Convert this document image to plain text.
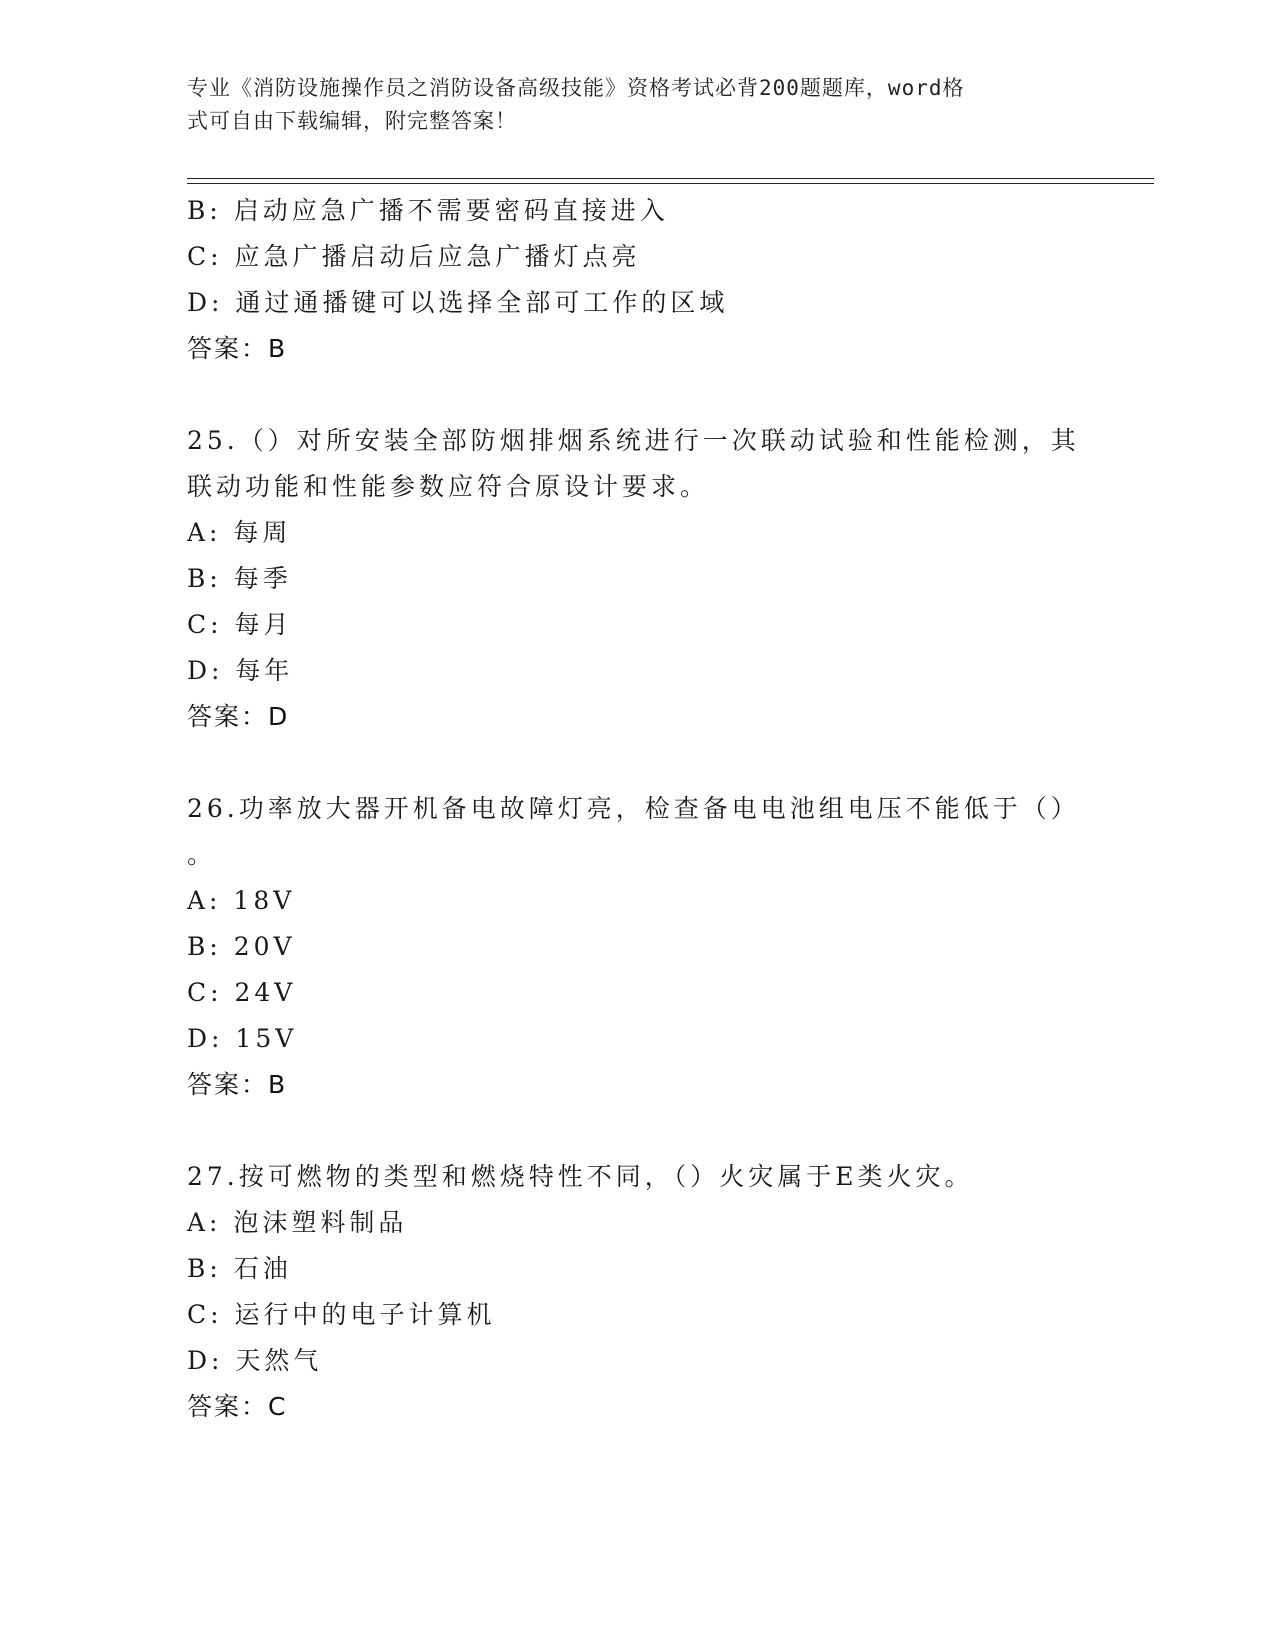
专业《消防设施操作员之消防设备高级技能》资格考试必背200题题库，word格
式可自由下载编辑，附完整答案！
B: 启动应急广播不需要密码直接进入
C: 应急广播启动后应急广播灯点亮
D: 通过通播键可以选择全部可工作的区域
答案：B
25.（）对所安装全部防烟排烟系统进行一次联动试验和性能检测，其
联动功能和性能参数应符合原设计要求。
A: 每周
B: 每季
C: 每月
D: 每年
答案：D
26.功率放大器开机备电故障灯亮，检查备电电池组电压不能低于（）
。
A: 18V
B: 20V
C: 24V
D: 15V
答案：B
27.按可燃物的类型和燃烧特性不同，（）火灾属于E类火灾。
A: 泡沫塑料制品
B: 石油
C: 运行中的电子计算机
D: 天然气
答案：C
